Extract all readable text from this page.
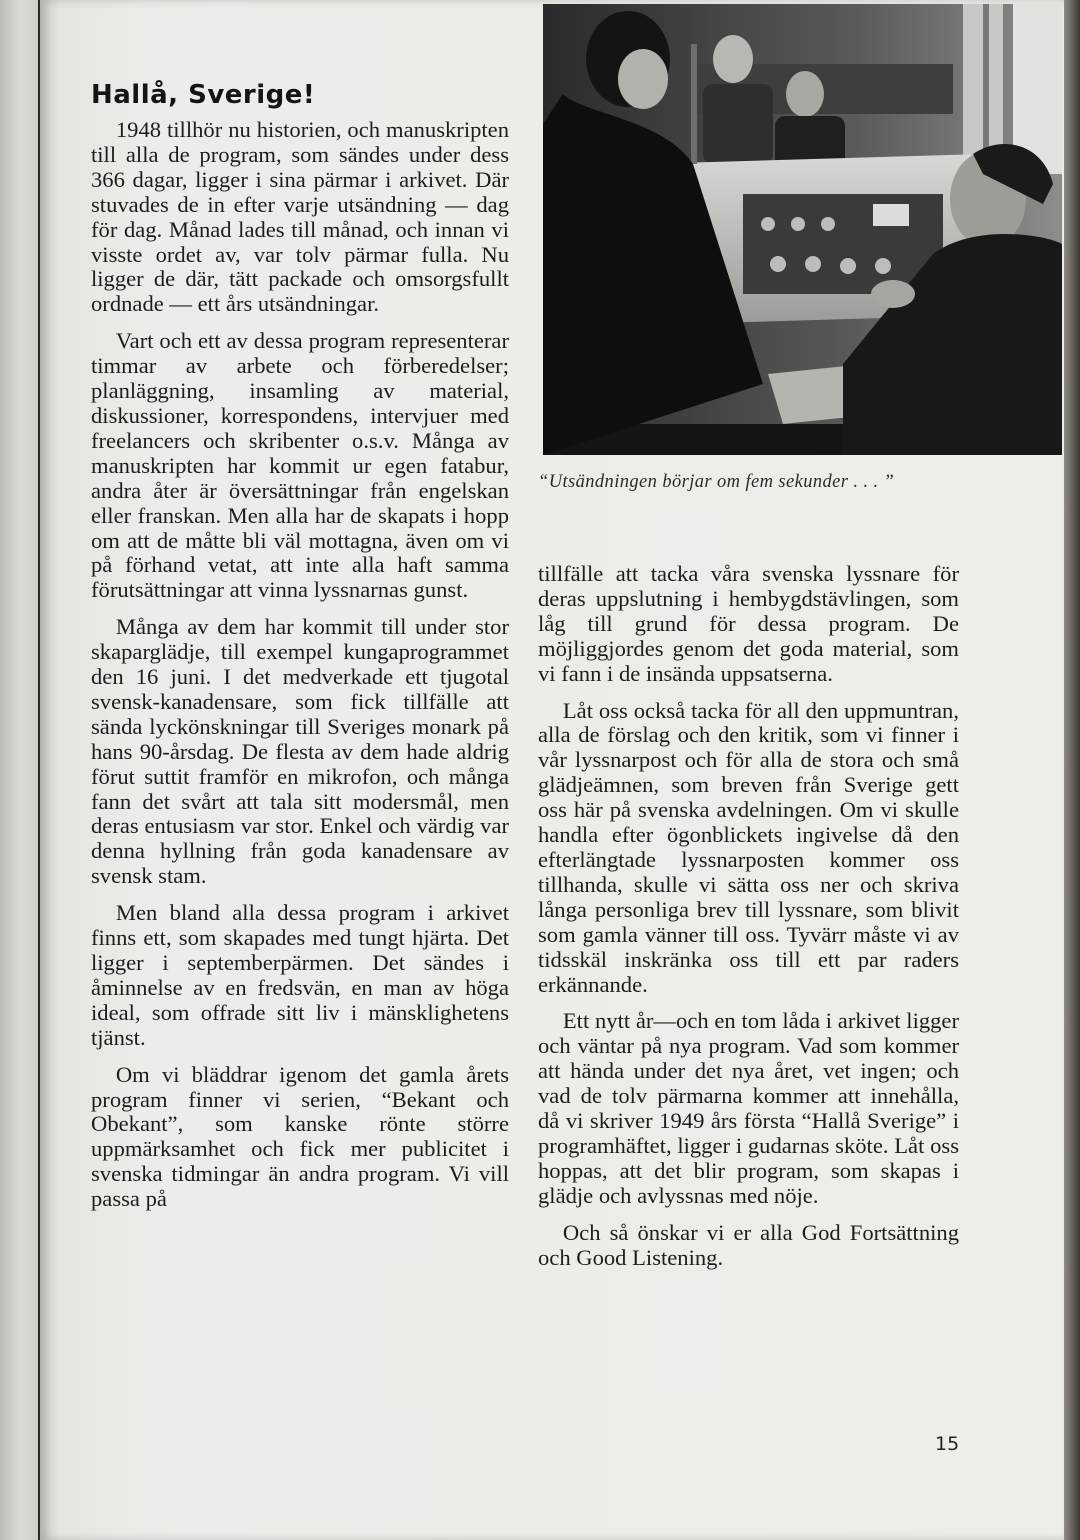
Hallå, Sverige!

1948 tillhör nu historien, och manuskripten till alla de program, som sändes under dess 366 dagar, ligger i sina pärmar i arkivet. Där stuvades de in efter varje utsändning — dag för dag. Månad lades till månad, och innan vi visste ordet av, var tolv pärmar fulla. Nu ligger de där, tätt packade och omsorgsfullt ordnade — ett års utsändningar.

Vart och ett av dessa program representerar timmar av arbete och förberedelser; planläggning, insamling av material, diskussioner, korrespondens, intervjuer med freelancers och skribenter o.s.v. Många av manuskripten har kommit ur egen fatabur, andra åter är översättningar från engelskan eller franskan. Men alla har de skapats i hopp om att de måtte bli väl mottagna, även om vi på förhand vetat, att inte alla haft samma förutsättningar att vinna lyssnarnas gunst.

Många av dem har kommit till under stor skaparglädje, till exempel kungaprogrammet den 16 juni. I det medverkade ett tjugotal svensk-kanadensare, som fick tillfälle att sända lyckönskningar till Sveriges monark på hans 90-årsdag. De flesta av dem hade aldrig förut suttit framför en mikrofon, och många fann det svårt att tala sitt modersmål, men deras entusiasm var stor. Enkel och värdig var denna hyllning från goda kanadensare av svensk stam.

Men bland alla dessa program i arkivet finns ett, som skapades med tungt hjärta. Det ligger i septemberpärmen. Det sändes i åminnelse av en fredsvän, en man av höga ideal, som offrade sitt liv i mänsklighetens tjänst.

Om vi bläddrar igenom det gamla årets program finner vi serien, “Bekant och Obekant”, som kanske rönte större uppmärksamhet och fick mer publicitet i svenska tidmingar än andra program. Vi vill passa på

“Utsändningen börjar om fem sekunder . . . ”

tillfälle att tacka våra svenska lyssnare för deras uppslutning i hembygdstävlingen, som låg till grund för dessa program. De möjliggjordes genom det goda material, som vi fann i de insända uppsatserna.

Låt oss också tacka för all den uppmuntran, alla de förslag och den kritik, som vi finner i vår lyssnarpost och för alla de stora och små glädjeämnen, som breven från Sverige gett oss här på svenska avdelningen. Om vi skulle handla efter ögonblickets ingivelse då den efterlängtade lyssnarposten kommer oss tillhanda, skulle vi sätta oss ner och skriva långa personliga brev till lyssnare, som blivit som gamla vänner till oss. Tyvärr måste vi av tidsskäl inskränka oss till ett par raders erkännande.

Ett nytt år—och en tom låda i arkivet ligger och väntar på nya program. Vad som kommer att hända under det nya året, vet ingen; och vad de tolv pärmarna kommer att innehålla, då vi skriver 1949 års första “Hallå Sverige” i programhäftet, ligger i gudarnas sköte. Låt oss hoppas, att det blir program, som skapas i glädje och avlyssnas med nöje.

Och så önskar vi er alla God Fortsättning och Good Listening.

15
